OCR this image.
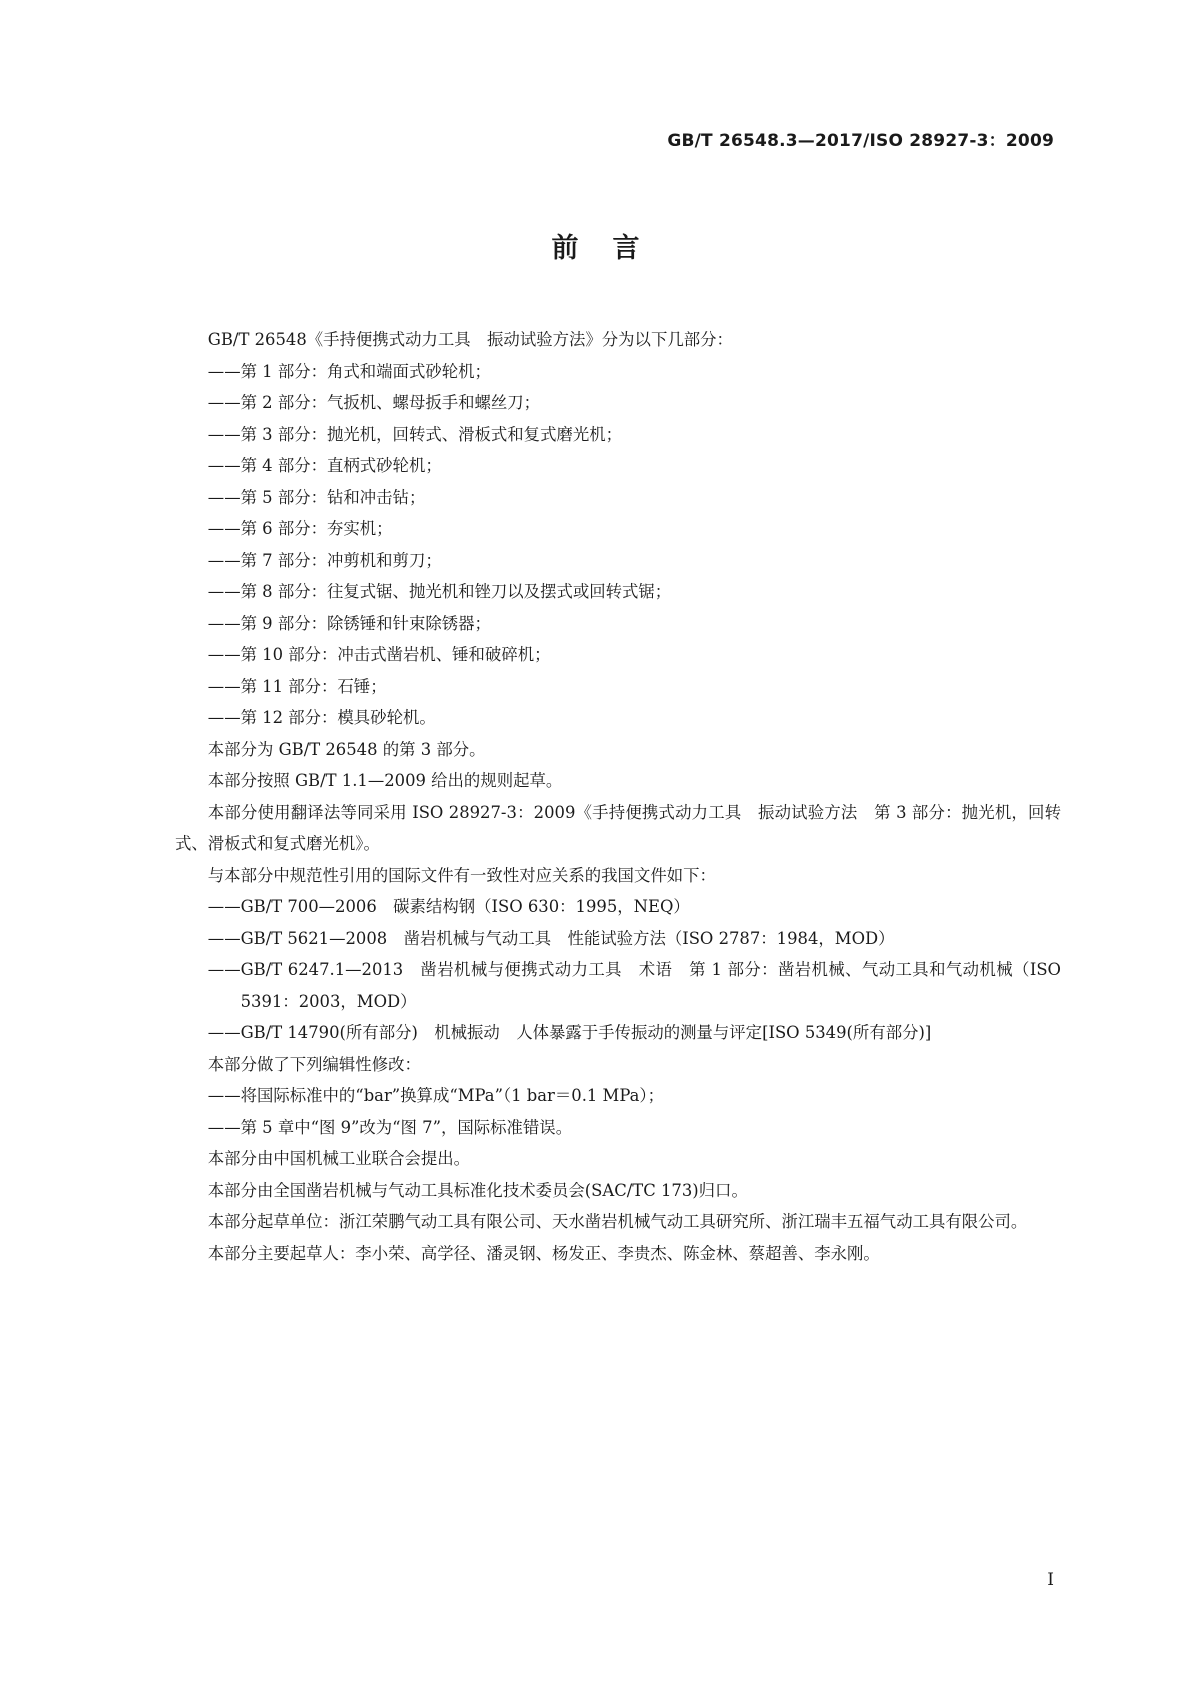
GB/T 26548.3—2017/ISO 28927-3：2009
前言

GB/T 26548《手持便携式动力工具　振动试验方法》分为以下几部分：

——第 1 部分：角式和端面式砂轮机；

——第 2 部分：气扳机、螺母扳手和螺丝刀；

——第 3 部分：抛光机，回转式、滑板式和复式磨光机；

——第 4 部分：直柄式砂轮机；

——第 5 部分：钻和冲击钻；

——第 6 部分：夯实机；

——第 7 部分：冲剪机和剪刀；

——第 8 部分：往复式锯、抛光机和锉刀以及摆式或回转式锯；

——第 9 部分：除锈锤和针束除锈器；

——第 10 部分：冲击式凿岩机、锤和破碎机；

——第 11 部分：石锤；

——第 12 部分：模具砂轮机。

本部分为 GB/T 26548 的第 3 部分。

本部分按照 GB/T 1.1—2009 给出的规则起草。

本部分使用翻译法等同采用 ISO 28927-3：2009《手持便携式动力工具　振动试验方法　第 3 部分：抛光机，回转式、滑板式和复式磨光机》。

与本部分中规范性引用的国际文件有一致性对应关系的我国文件如下：

——GB/T 700—2006　碳素结构钢（ISO 630：1995，NEQ）

——GB/T 5621—2008　凿岩机械与气动工具　性能试验方法（ISO 2787：1984，MOD）

——GB/T 6247.1—2013　凿岩机械与便携式动力工具　术语　第 1 部分：凿岩机械、气动工具和气动机械（ISO 5391：2003，MOD）

——GB/T 14790(所有部分)　机械振动　人体暴露于手传振动的测量与评定[ISO 5349(所有部分)]

本部分做了下列编辑性修改：

——将国际标准中的“bar”换算成“MPa”（1 bar＝0.1 MPa）；

——第 5 章中“图 9”改为“图 7”，国际标准错误。

本部分由中国机械工业联合会提出。

本部分由全国凿岩机械与气动工具标准化技术委员会(SAC/TC 173)归口。

本部分起草单位：浙江荣鹏气动工具有限公司、天水凿岩机械气动工具研究所、浙江瑞丰五福气动工具有限公司。

本部分主要起草人：李小荣、高学径、潘灵钢、杨发正、李贵杰、陈金林、蔡超善、李永刚。

I
